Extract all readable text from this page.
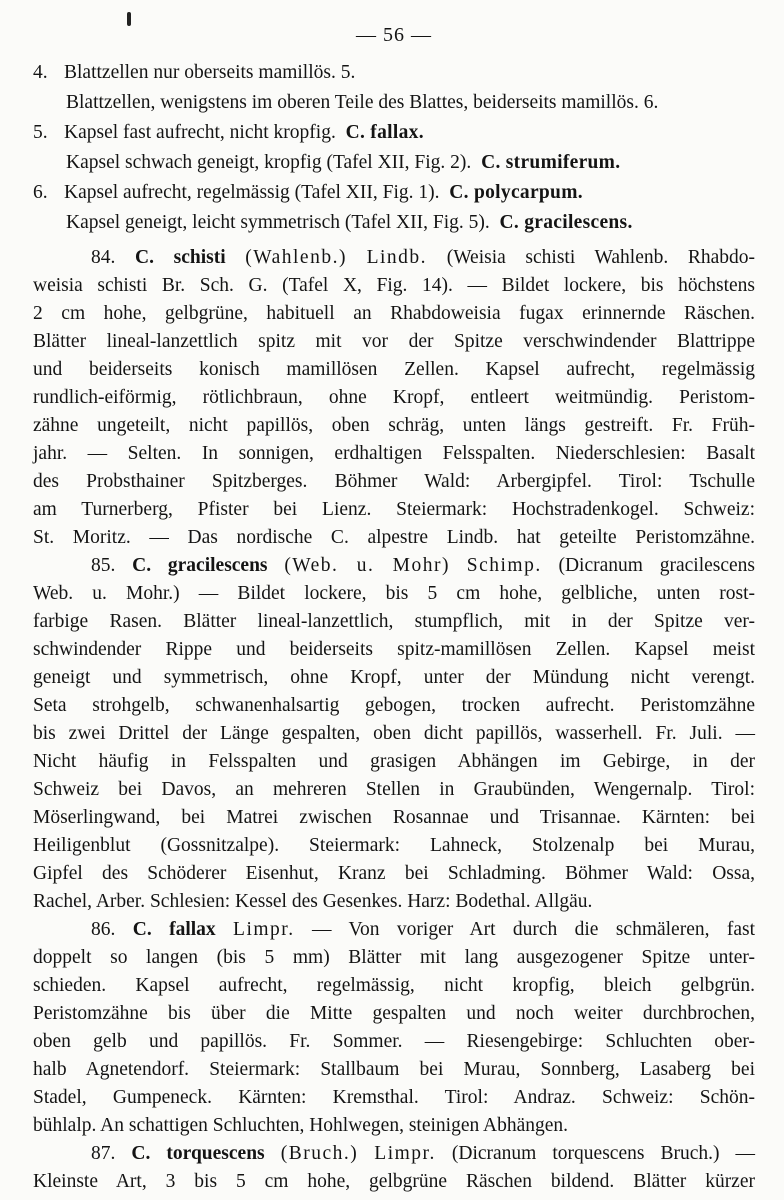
— 56 —
4. Blattzellen nur oberseits mamillös. 5.
Blattzellen, wenigstens im oberen Teile des Blattes, beiderseits mamillös. 6.
5. Kapsel fast aufrecht, nicht kropfig. C. fallax.
Kapsel schwach geneigt, kropfig (Tafel XII, Fig. 2). C. strumiferum.
6. Kapsel aufrecht, regelmässig (Tafel XII, Fig. 1). C. polycarpum.
Kapsel geneigt, leicht symmetrisch (Tafel XII, Fig. 5). C. gracilescens.
84. C. schisti (Wahlenb.) Lindb. (Weisia schisti Wahlenb. Rhabdo-
weisia schisti Br. Sch. G. (Tafel X, Fig. 14). — Bildet lockere, bis höchstens
2 cm hohe, gelbgrüne, habituell an Rhabdoweisia fugax erinnernde Räschen.
Blätter lineal-lanzettlich spitz mit vor der Spitze verschwindender Blattrippe
und beiderseits konisch mamillösen Zellen. Kapsel aufrecht, regelmässig
rundlich-eiförmig, rötlichbraun, ohne Kropf, entleert weitmündig. Peristom-
zähne ungeteilt, nicht papillös, oben schräg, unten längs gestreift. Fr. Früh-
jahr. — Selten. In sonnigen, erdhaltigen Felsspalten. Niederschlesien: Basalt
des Probsthainer Spitzberges. Böhmer Wald: Arbergipfel. Tirol: Tschulle
am Turnerberg, Pfister bei Lienz. Steiermark: Hochstradenkogel. Schweiz:
St. Moritz. — Das nordische C. alpestre Lindb. hat geteilte Peristomzähne.
85. C. gracilescens (Web. u. Mohr) Schimp. (Dicranum gracilescens
Web. u. Mohr.) — Bildet lockere, bis 5 cm hohe, gelbliche, unten rost-
farbige Rasen. Blätter lineal-lanzettlich, stumpflich, mit in der Spitze ver-
schwindender Rippe und beiderseits spitz-mamillösen Zellen. Kapsel meist
geneigt und symmetrisch, ohne Kropf, unter der Mündung nicht verengt.
Seta strohgelb, schwanenhalsartig gebogen, trocken aufrecht. Peristomzähne
bis zwei Drittel der Länge gespalten, oben dicht papillös, wasserhell. Fr. Juli. —
Nicht häufig in Felsspalten und grasigen Abhängen im Gebirge, in der
Schweiz bei Davos, an mehreren Stellen in Graubünden, Wengernalp. Tirol:
Möserlingwand, bei Matrei zwischen Rosannae und Trisannae. Kärnten: bei
Heiligenblut (Gossnitzalpe). Steiermark: Lahneck, Stolzenalp bei Murau,
Gipfel des Schöderer Eisenhut, Kranz bei Schladming. Böhmer Wald: Ossa,
Rachel, Arber. Schlesien: Kessel des Gesenkes. Harz: Bodethal. Allgäu.
86. C. fallax Limpr. — Von voriger Art durch die schmäleren, fast
doppelt so langen (bis 5 mm) Blätter mit lang ausgezogener Spitze unter-
schieden. Kapsel aufrecht, regelmässig, nicht kropfig, bleich gelbgrün.
Peristomzähne bis über die Mitte gespalten und noch weiter durchbrochen,
oben gelb und papillös. Fr. Sommer. — Riesengebirge: Schluchten ober-
halb Agnetendorf. Steiermark: Stallbaum bei Murau, Sonnberg, Lasaberg bei
Stadel, Gumpeneck. Kärnten: Kremsthal. Tirol: Andraz. Schweiz: Schön-
bühlalp. An schattigen Schluchten, Hohlwegen, steinigen Abhängen.
87. C. torquescens (Bruch.) Limpr. (Dicranum torquescens Bruch.) —
Kleinste Art, 3 bis 5 cm hohe, gelbgrüne Räschen bildend. Blätter kürzer
